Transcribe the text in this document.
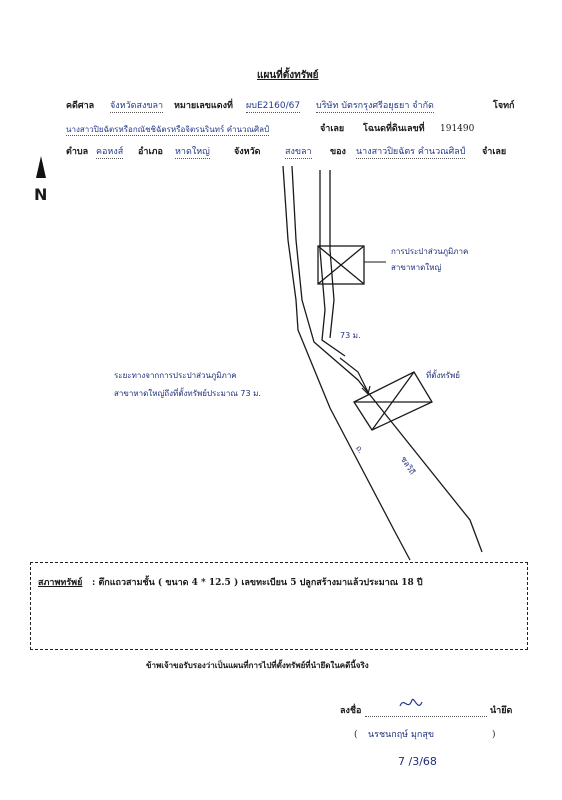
แผนที่ตั้งทรัพย์
คดีศาล จังหวัดสงขลา หมายเลขแดงที่ ผบE2160/67 บริษัท บัตรกรุงศรีอยุธยา จำกัด	โจทก์
นางสาวปิยฉัตรหรือกณัชชิฉัตรหรือจิตรนรินทร์ คำนวณศิลป์	จำเลย โฉนดที่ดินเลขที่ 191490
ตำบล คอหงส์ อำเภอ หาดใหญ่	จังหวัด	สงขลา ของ นางสาวปิยฉัตร คำนวณศิลป์ จำเลย
N
การประปาส่วนภูมิภาค
สาขาหาดใหญ่
73 ม.
ที่ตั้งทรัพย์
ถ.
ชลวิถี
ระยะทางจากการประปาส่วนภูมิภาค
สาขาหาดใหญ่ถึงที่ตั้งทรัพย์ประมาณ 73 ม.
สภาพทรัพย์ : ตึกแถวสามชั้น ( ขนาด 4 * 12.5 ) เลขทะเบียน 5 ปลูกสร้างมาแล้วประมาณ 18 ปี
ข้าพเจ้าขอรับรองว่าเป็นแผนที่การไปที่ตั้งทรัพย์ที่นำยึดในคดีนี้จริง
ลงชื่อ	นำยึด
( นรชนกฤษ์ มุกสุข	)
7 /3/68
